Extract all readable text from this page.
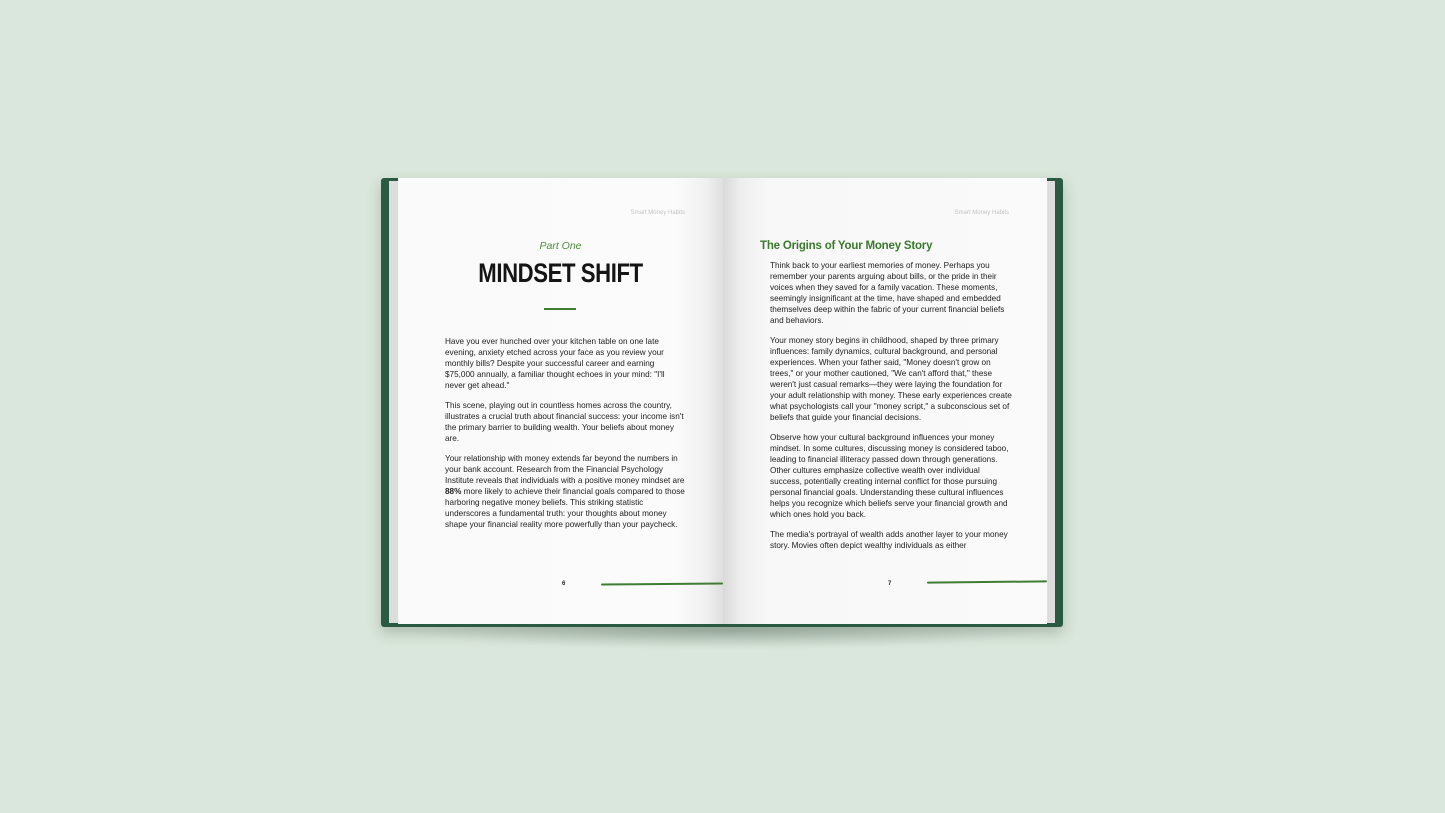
Smart Money Habits
Part One
MINDSET SHIFT

Have you ever hunched over your kitchen table on one late evening, anxiety etched across your face as you review your monthly bills? Despite your successful career and earning $75,000 annually, a familiar thought echoes in your mind: "I'll never get ahead."

This scene, playing out in countless homes across the country, illustrates a crucial truth about financial success: your income isn't the primary barrier to building wealth. Your beliefs about money are.

Your relationship with money extends far beyond the numbers in your bank account. Research from the Financial Psychology Institute reveals that individuals with a positive money mindset are 88% more likely to achieve their financial goals compared to those harboring negative money beliefs. This striking statistic underscores a fundamental truth: your thoughts about money shape your financial reality more powerfully than your paycheck.

6
Smart Money Habits
The Origins of Your Money Story

Think back to your earliest memories of money. Perhaps you remember your parents arguing about bills, or the pride in their voices when they saved for a family vacation. These moments, seemingly insignificant at the time, have shaped and embedded themselves deep within the fabric of your current financial beliefs and behaviors.

Your money story begins in childhood, shaped by three primary influences: family dynamics, cultural background, and personal experiences. When your father said, "Money doesn't grow on trees," or your mother cautioned, "We can't afford that," these weren't just casual remarks—they were laying the foundation for your adult relationship with money. These early experiences create what psychologists call your "money script," a subconscious set of beliefs that guide your financial decisions.

Observe how your cultural background influences your money mindset. In some cultures, discussing money is considered taboo, leading to financial illiteracy passed down through generations. Other cultures emphasize collective wealth over individual success, potentially creating internal conflict for those pursuing personal financial goals. Understanding these cultural influences helps you recognize which beliefs serve your financial growth and which ones hold you back.

The media's portrayal of wealth adds another layer to your money story. Movies often depict wealthy individuals as either

7
